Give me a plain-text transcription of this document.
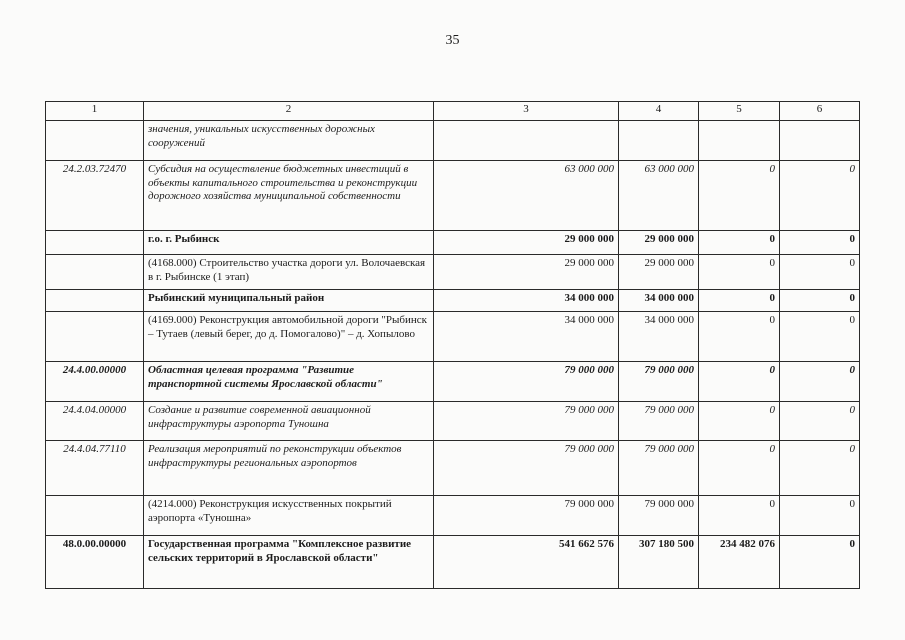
35
1	2	3	4	5	6
	значения, уникальных искусственных дорожных сооружений				
24.2.03.72470	Субсидия на осуществление бюджетных инвестиций в объекты капитального строительства и реконструкции дорожного хозяйства муниципальной собственности	63 000 000	63 000 000	0	0
	г.о. г. Рыбинск	29 000 000	29 000 000	0	0
	(4168.000) Строительство участка дороги ул. Волочаевская в г. Рыбинске (1 этап)	29 000 000	29 000 000	0	0
	Рыбинский муниципальный район	34 000 000	34 000 000	0	0
	(4169.000) Реконструкция автомобильной дороги "Рыбинск – Тутаев (левый берег, до д. Помогалово)" – д. Хопылово	34 000 000	34 000 000	0	0
24.4.00.00000	Областная целевая программа "Развитие транспортной системы Ярославской области"	79 000 000	79 000 000	0	0
24.4.04.00000	Создание и развитие современной авиационной инфраструктуры аэропорта Туношна	79 000 000	79 000 000	0	0
24.4.04.77110	Реализация мероприятий по реконструкции объектов инфраструктуры региональных аэропортов	79 000 000	79 000 000	0	0
	(4214.000) Реконструкция искусственных покрытий аэропорта «Туношна»	79 000 000	79 000 000	0	0
48.0.00.00000	Государственная программа "Комплексное развитие сельских территорий в Ярославской области"	541 662 576	307 180 500	234 482 076	0
